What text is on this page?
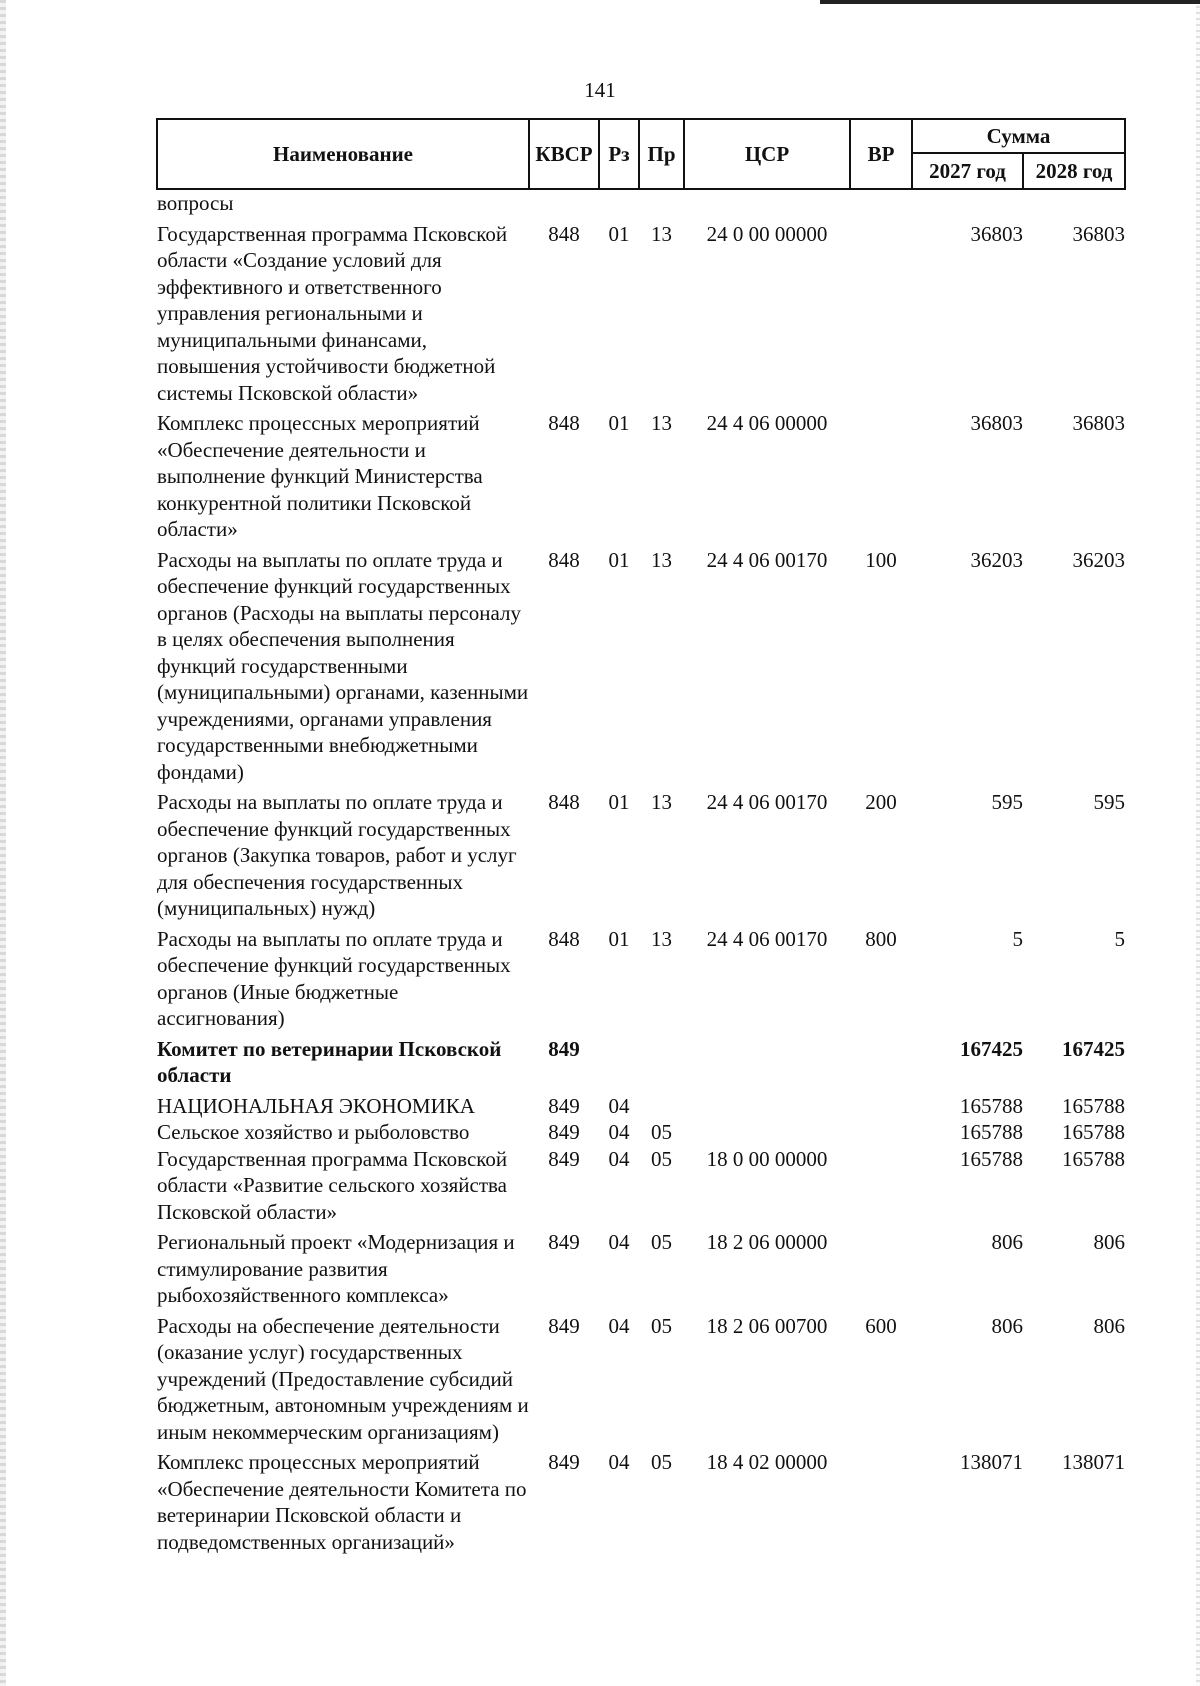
141
Наименование	КВСР	Рз	Пр	ЦСР	ВР	Сумма	
						2027 год	2028 год
вопросы							
Государственная программа Псковской области «Создание условий для эффективного и ответственного управления региональными и муниципальными финансами, повышения устойчивости бюджетной системы Псковской области»	848	01	13	24 0 00 00000		36803	36803
Комплекс процессных мероприятий «Обеспечение деятельности и выполнение функций Министерства конкурентной политики Псковской области»	848	01	13	24 4 06 00000		36803	36803
Расходы на выплаты по оплате труда и обеспечение функций государственных органов (Расходы на выплаты персоналу в целях обеспечения выполнения функций государственными (муниципальными) органами, казенными учреждениями, органами управления государственными внебюджетными фондами)	848	01	13	24 4 06 00170	100	36203	36203
Расходы на выплаты по оплате труда и обеспечение функций государственных органов (Закупка товаров, работ и услуг для обеспечения государственных (муниципальных) нужд)	848	01	13	24 4 06 00170	200	595	595
Расходы на выплаты по оплате труда и обеспечение функций государственных органов (Иные бюджетные ассигнования)	848	01	13	24 4 06 00170	800	5	5
Комитет по ветеринарии Псковской области	849					167425	167425
НАЦИОНАЛЬНАЯ ЭКОНОМИКА	849	04				165788	165788
Сельское хозяйство и рыболовство	849	04	05			165788	165788
Государственная программа Псковской области «Развитие сельского хозяйства Псковской области»	849	04	05	18 0 00 00000		165788	165788
Региональный проект «Модернизация и стимулирование развития рыбохозяйственного комплекса»	849	04	05	18 2 06 00000		806	806
Расходы на обеспечение деятельности (оказание услуг) государственных учреждений (Предоставление субсидий бюджетным, автономным учреждениям и иным некоммерческим организациям)	849	04	05	18 2 06 00700	600	806	806
Комплекс процессных мероприятий «Обеспечение деятельности Комитета по ветеринарии Псковской области и подведомственных организаций»	849	04	05	18 4 02 00000		138071	138071
